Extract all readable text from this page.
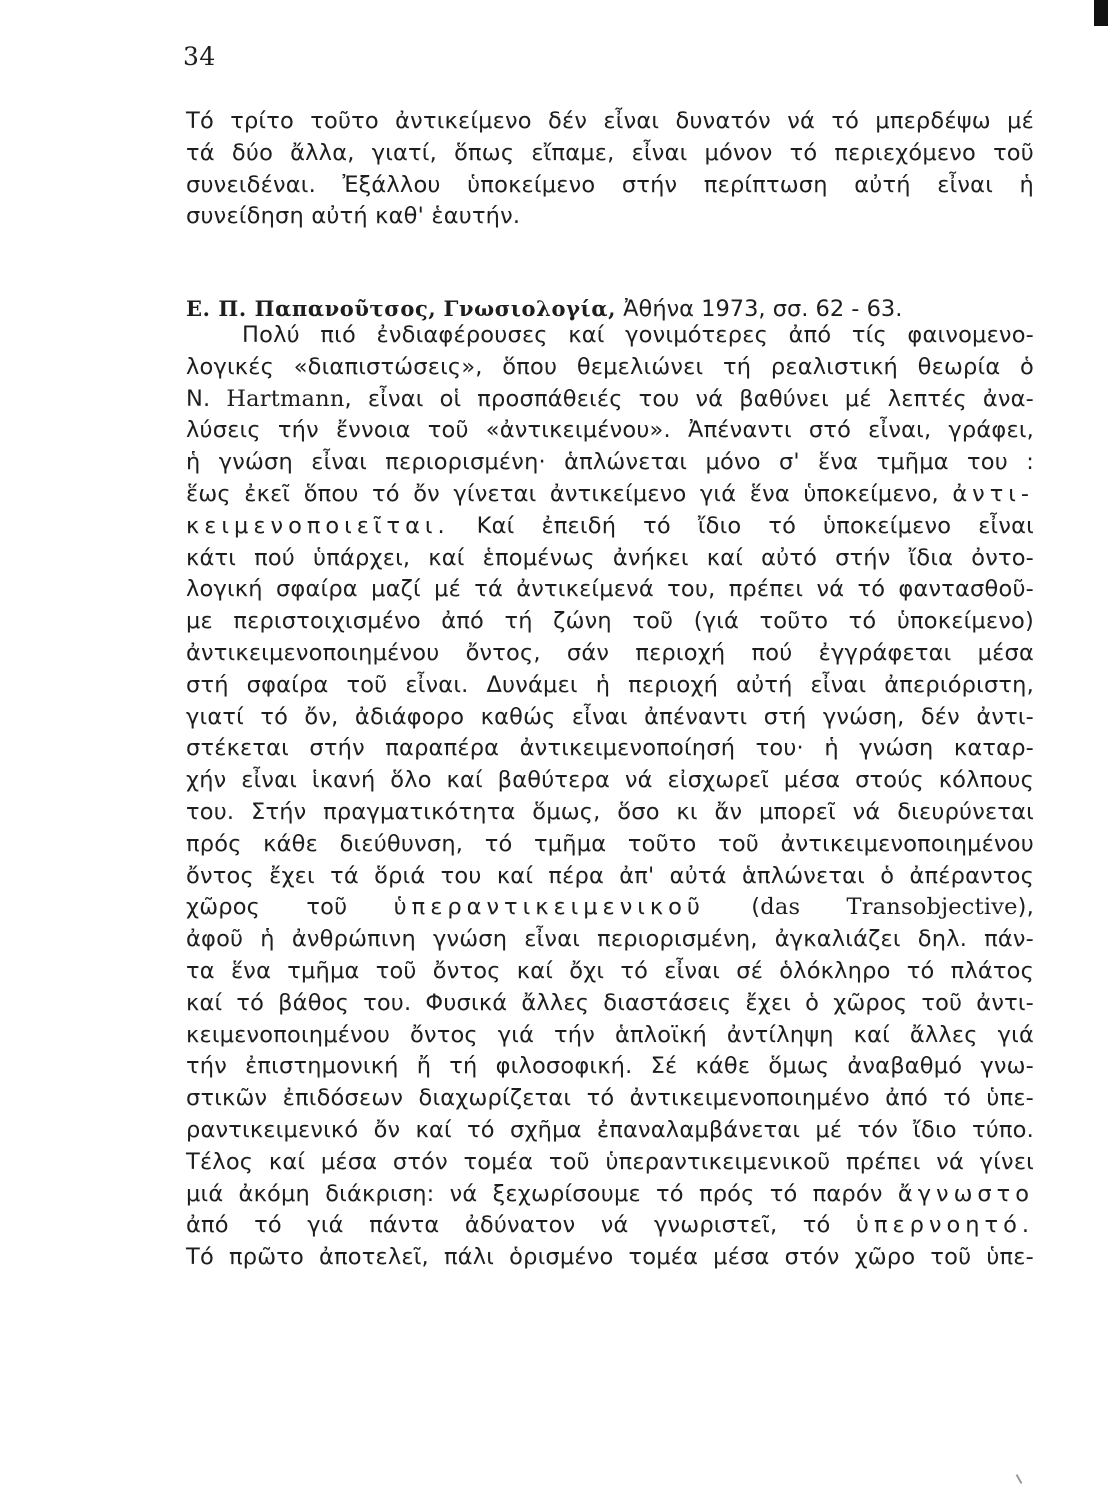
34
Τό τρίτο τοῦτο ἀντικείμενο δέν εἶναι δυνατόν νά τό μπερδέψω μέ
τά δύο ἄλλα, γιατί, ὅπως εἴπαμε, εἶναι μόνον τό περιεχόμενο τοῦ
συνειδέναι. Ἐξάλλου ὑποκείμενο στήν περίπτωση αὐτή εἶναι ἡ
συνείδηση αὐτή καθ' ἑαυτήν.
Ε. Π. Παπανοῦτσος, Γνωσιολογία, Ἀθήνα 1973, σσ. 62 - 63.
Πολύ πιό ἐνδιαφέρουσες καί γονιμότερες ἀπό τίς φαινομενο-
λογικές «διαπιστώσεις», ὅπου θεμελιώνει τή ρεαλιστική θεωρία ὁ
Ν. Hartmann, εἶναι οἱ προσπάθειές του νά βαθύνει μέ λεπτές ἀνα-
λύσεις τήν ἔννοια τοῦ «ἀντικειμένου». Ἀπέναντι στό εἶναι, γράφει,
ἡ γνώση εἶναι περιορισμένη· ἁπλώνεται μόνο σ' ἕνα τμῆμα του :
ἕως ἐκεῖ ὅπου τό ὄν γίνεται ἀντικείμενο γιά ἕνα ὑποκείμενο, ἀντι-
κειμενοποιεῖται. Καί ἐπειδή τό ἴδιο τό ὑποκείμενο εἶναι
κάτι πού ὑπάρχει, καί ἑπομένως ἀνήκει καί αὐτό στήν ἴδια ὀντο-
λογική σφαίρα μαζί μέ τά ἀντικείμενά του, πρέπει νά τό φαντασθοῦ-
με περιστοιχισμένο ἀπό τή ζώνη τοῦ (γιά τοῦτο τό ὑποκείμενο)
ἀντικειμενοποιημένου ὄντος, σάν περιοχή πού ἐγγράφεται μέσα
στή σφαίρα τοῦ εἶναι. Δυνάμει ἡ περιοχή αὐτή εἶναι ἀπεριόριστη,
γιατί τό ὄν, ἀδιάφορο καθώς εἶναι ἀπέναντι στή γνώση, δέν ἀντι-
στέκεται στήν παραπέρα ἀντικειμενοποίησή του· ἡ γνώση καταρ-
χήν εἶναι ἱκανή ὅλο καί βαθύτερα νά εἰσχωρεῖ μέσα στούς κόλπους
του. Στήν πραγματικότητα ὅμως, ὅσο κι ἄν μπορεῖ νά διευρύνεται
πρός κάθε διεύθυνση, τό τμῆμα τοῦτο τοῦ ἀντικειμενοποιημένου
ὄντος ἔχει τά ὅριά του καί πέρα ἀπ' αὐτά ἁπλώνεται ὁ ἀπέραντος
χῶρος τοῦ ὑπεραντικειμενικοῦ (das Transobjective),
ἀφοῦ ἡ ἀνθρώπινη γνώση εἶναι περιορισμένη, ἀγκαλιάζει δηλ. πάν-
τα ἕνα τμῆμα τοῦ ὄντος καί ὄχι τό εἶναι σέ ὁλόκληρο τό πλάτος
καί τό βάθος του. Φυσικά ἄλλες διαστάσεις ἔχει ὁ χῶρος τοῦ ἀντι-
κειμενοποιημένου ὄντος γιά τήν ἁπλοϊκή ἀντίληψη καί ἄλλες γιά
τήν ἐπιστημονική ἤ τή φιλοσοφική. Σέ κάθε ὅμως ἀναβαθμό γνω-
στικῶν ἐπιδόσεων διαχωρίζεται τό ἀντικειμενοποιημένο ἀπό τό ὑπε-
ραντικειμενικό ὄν καί τό σχῆμα ἐπαναλαμβάνεται μέ τόν ἴδιο τύπο.
Τέλος καί μέσα στόν τομέα τοῦ ὑπεραντικειμενικοῦ πρέπει νά γίνει
μιά ἀκόμη διάκριση: νά ξεχωρίσουμε τό πρός τό παρόν ἄγνωστο
ἀπό τό γιά πάντα ἀδύνατον νά γνωριστεῖ, τό ὑπερνοητό.
Τό πρῶτο ἀποτελεῖ, πάλι ὁρισμένο τομέα μέσα στόν χῶρο τοῦ ὑπε-
